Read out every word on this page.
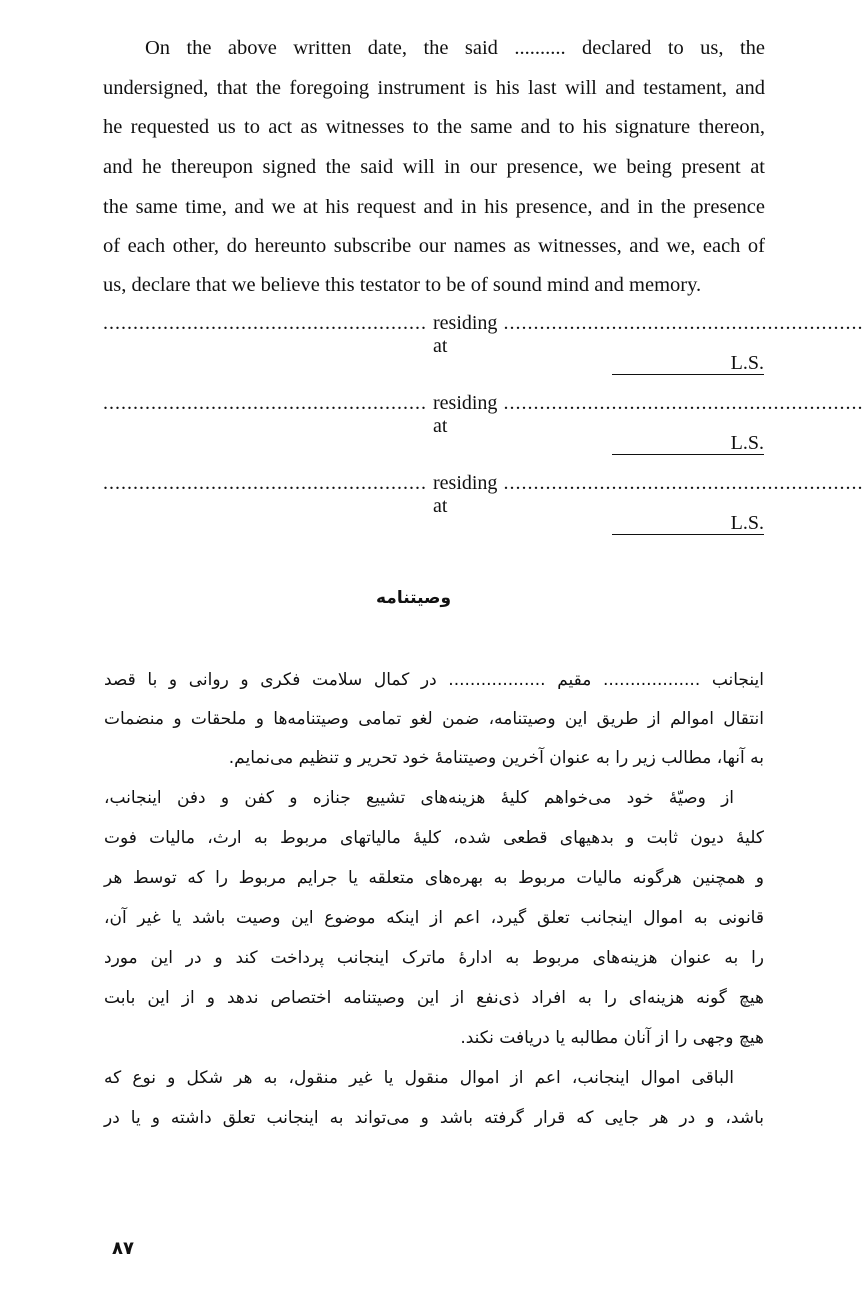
On the above written date, the said .......... declared to us, the
undersigned, that the foregoing instrument is his last will and testament, and
he requested us to act as witnesses to the same and to his signature thereon,
and he thereupon signed the said will in our presence, we being present at
the same time, and we at his request and in his presence, and in the presence
of each other, do hereunto subscribe our names as witnesses, and we, each of
us, declare that we believe this testator to be of sound mind and memory.
...................................................... residing at
............................................................
L.S.
...................................................... residing at
............................................................
L.S.
...................................................... residing at
............................................................
L.S.
وصیتنامه
اینجانب .................. مقیم .................. در کمال سلامت فکری و روانی و با قصد
انتقال اموالم از طریق این وصیتنامه، ضمن لغو تمامی وصیتنامه‌ها و ملحقات و منضمات
به آنها، مطالب زیر را به عنوان آخرین وصیتنامهٔ خود تحریر و تنظیم می‌نمایم.
از وصیّهٔ خود می‌خواهم کلیهٔ هزینه‌های تشییع جنازه و کفن و دفن اینجانب،
کلیهٔ دیون ثابت و بدهیهای قطعی شده، کلیهٔ مالیاتهای مربوط به ارث، مالیات فوت
و همچنین هرگونه مالیات مربوط به بهره‌های متعلقه یا جرایم مربوط را که توسط هر
قانونی به اموال اینجانب تعلق گیرد، اعم از اینکه موضوع این وصیت باشد یا غیر آن،
را به عنوان هزینه‌های مربوط به ادارهٔ ماترک اینجانب پرداخت کند و در این مورد
هیچ گونه هزینه‌ای را به افراد ذی‌نفع از این وصیتنامه اختصاص ندهد و از این بابت
هیچ وجهی را از آنان مطالبه یا دریافت نکند.
الباقی اموال اینجانب، اعم از اموال منقول یا غیر منقول، به هر شکل و نوع که
باشد، و در هر جایی که قرار گرفته باشد و می‌تواند به اینجانب تعلق داشته و یا در
۸۷
